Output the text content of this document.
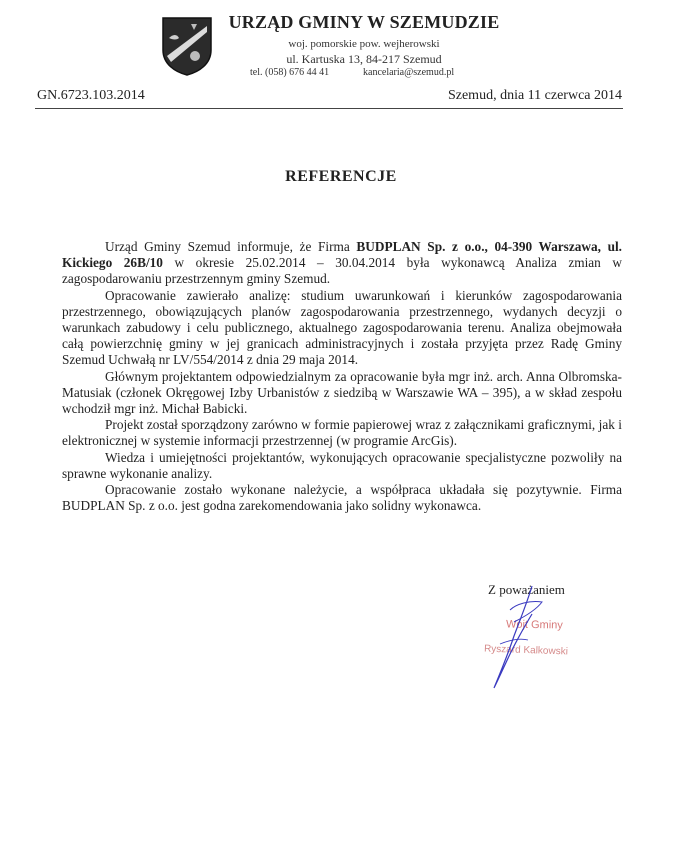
URZĄD GMINY W SZEMUDZIE
woj. pomorskie pow. wejherowski
ul. Kartuska 13, 84-217 Szemud
tel. (058) 676 44 41	kancelaria@szemud.pl
GN.6723.103.2014	Szemud, dnia 11 czerwca 2014
REFERENCJE

Urząd Gminy Szemud informuje, że Firma BUDPLAN Sp. z o.o., 04-390 Warszawa, ul. Kickiego 26B/10 w okresie 25.02.2014 – 30.04.2014 była wykonawcą Analiza zmian w zagospodarowaniu przestrzennym gminy Szemud.

Opracowanie zawierało analizę: studium uwarunkowań i kierunków zagospodarowania przestrzennego, obowiązujących planów zagospodarowania przestrzennego, wydanych decyzji o warunkach zabudowy i celu publicznego, aktualnego zagospodarowania terenu. Analiza obejmowała całą powierzchnię gminy w jej granicach administracyjnych i została przyjęta przez Radę Gminy Szemud Uchwałą nr LV/554/2014 z dnia 29 maja 2014.

Głównym projektantem odpowiedzialnym za opracowanie była mgr inż. arch. Anna Olbromska-Matusiak (członek Okręgowej Izby Urbanistów z siedzibą w Warszawie WA – 395), a w skład zespołu wchodził mgr inż. Michał Babicki.

Projekt został sporządzony zarówno w formie papierowej wraz z załącznikami graficznymi, jak i elektronicznej w systemie informacji przestrzennej (w programie ArcGis).

Wiedza i umiejętności projektantów, wykonujących opracowanie specjalistyczne pozwoliły na sprawne wykonanie analizy.

Opracowanie zostało wykonane należycie, a współpraca układała się pozytywnie. Firma BUDPLAN Sp. z o.o. jest godna zarekomendowania jako solidny wykonawca.

Z poważaniem
Wójt Gminy
Ryszard Kalkowski
